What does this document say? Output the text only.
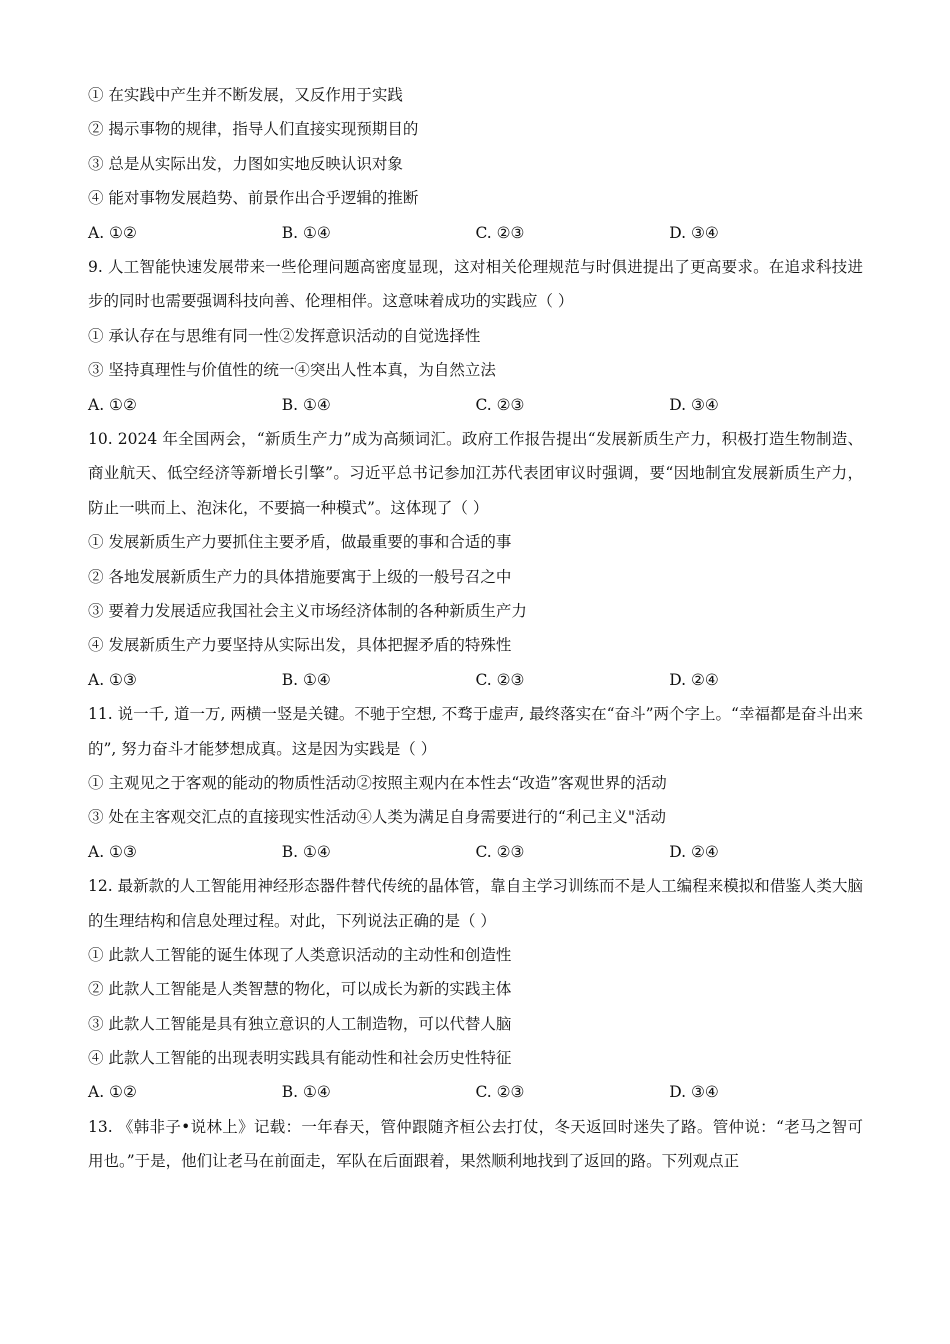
① 在实践中产生并不断发展，又反作用于实践
② 揭示事物的规律，指导人们直接实现预期目的
③ 总是从实际出发，力图如实地反映认识对象
④ 能对事物发展趋势、前景作出合乎逻辑的推断
A. ①②	B. ①④	C. ②③	D. ③④
9. 人工智能快速发展带来一些伦理问题高密度显现，这对相关伦理规范与时俱进提出了更高要求。在追求科技进步的同时也需要强调科技向善、伦理相伴。这意味着成功的实践应（ ）
① 承认存在与思维有同一性②发挥意识活动的自觉选择性
③ 坚持真理性与价值性的统一④突出人性本真，为自然立法
A. ①②	B. ①④	C. ②③	D. ③④
10. 2024 年全国两会，“新质生产力”成为高频词汇。政府工作报告提出“发展新质生产力，积极打造生物制造、商业航天、低空经济等新增长引擎”。习近平总书记参加江苏代表团审议时强调，要“因地制宜发展新质生产力，防止一哄而上、泡沫化，不要搞一种模式”。这体现了（ ）
① 发展新质生产力要抓住主要矛盾，做最重要的事和合适的事
② 各地发展新质生产力的具体措施要寓于上级的一般号召之中
③ 要着力发展适应我国社会主义市场经济体制的各种新质生产力
④ 发展新质生产力要坚持从实际出发，具体把握矛盾的特殊性
A. ①③	B. ①④	C. ②③	D. ②④
11. 说一千, 道一万, 两横一竖是关键。不驰于空想, 不骛于虚声, 最终落实在“奋斗”两个字上。“幸福都是奋斗出来的”, 努力奋斗才能梦想成真。这是因为实践是（ ）
① 主观见之于客观的能动的物质性活动②按照主观内在本性去“改造”客观世界的活动
③ 处在主客观交汇点的直接现实性活动④人类为满足自身需要进行的“利己主义"活动
A. ①③	B. ①④	C. ②③	D. ②④
12. 最新款的人工智能用神经形态器件替代传统的晶体管，靠自主学习训练而不是人工编程来模拟和借鉴人类大脑的生理结构和信息处理过程。对此，下列说法正确的是（ ）
① 此款人工智能的诞生体现了人类意识活动的主动性和创造性
② 此款人工智能是人类智慧的物化，可以成长为新的实践主体
③ 此款人工智能是具有独立意识的人工制造物，可以代替人脑
④ 此款人工智能的出现表明实践具有能动性和社会历史性特征
A. ①②	B. ①④	C. ②③	D. ③④
13. 《韩非子•说林上》记载：一年春天，管仲跟随齐桓公去打仗，冬天返回时迷失了路。管仲说：“老马之智可用也。”于是，他们让老马在前面走，军队在后面跟着，果然顺利地找到了返回的路。下列观点正
